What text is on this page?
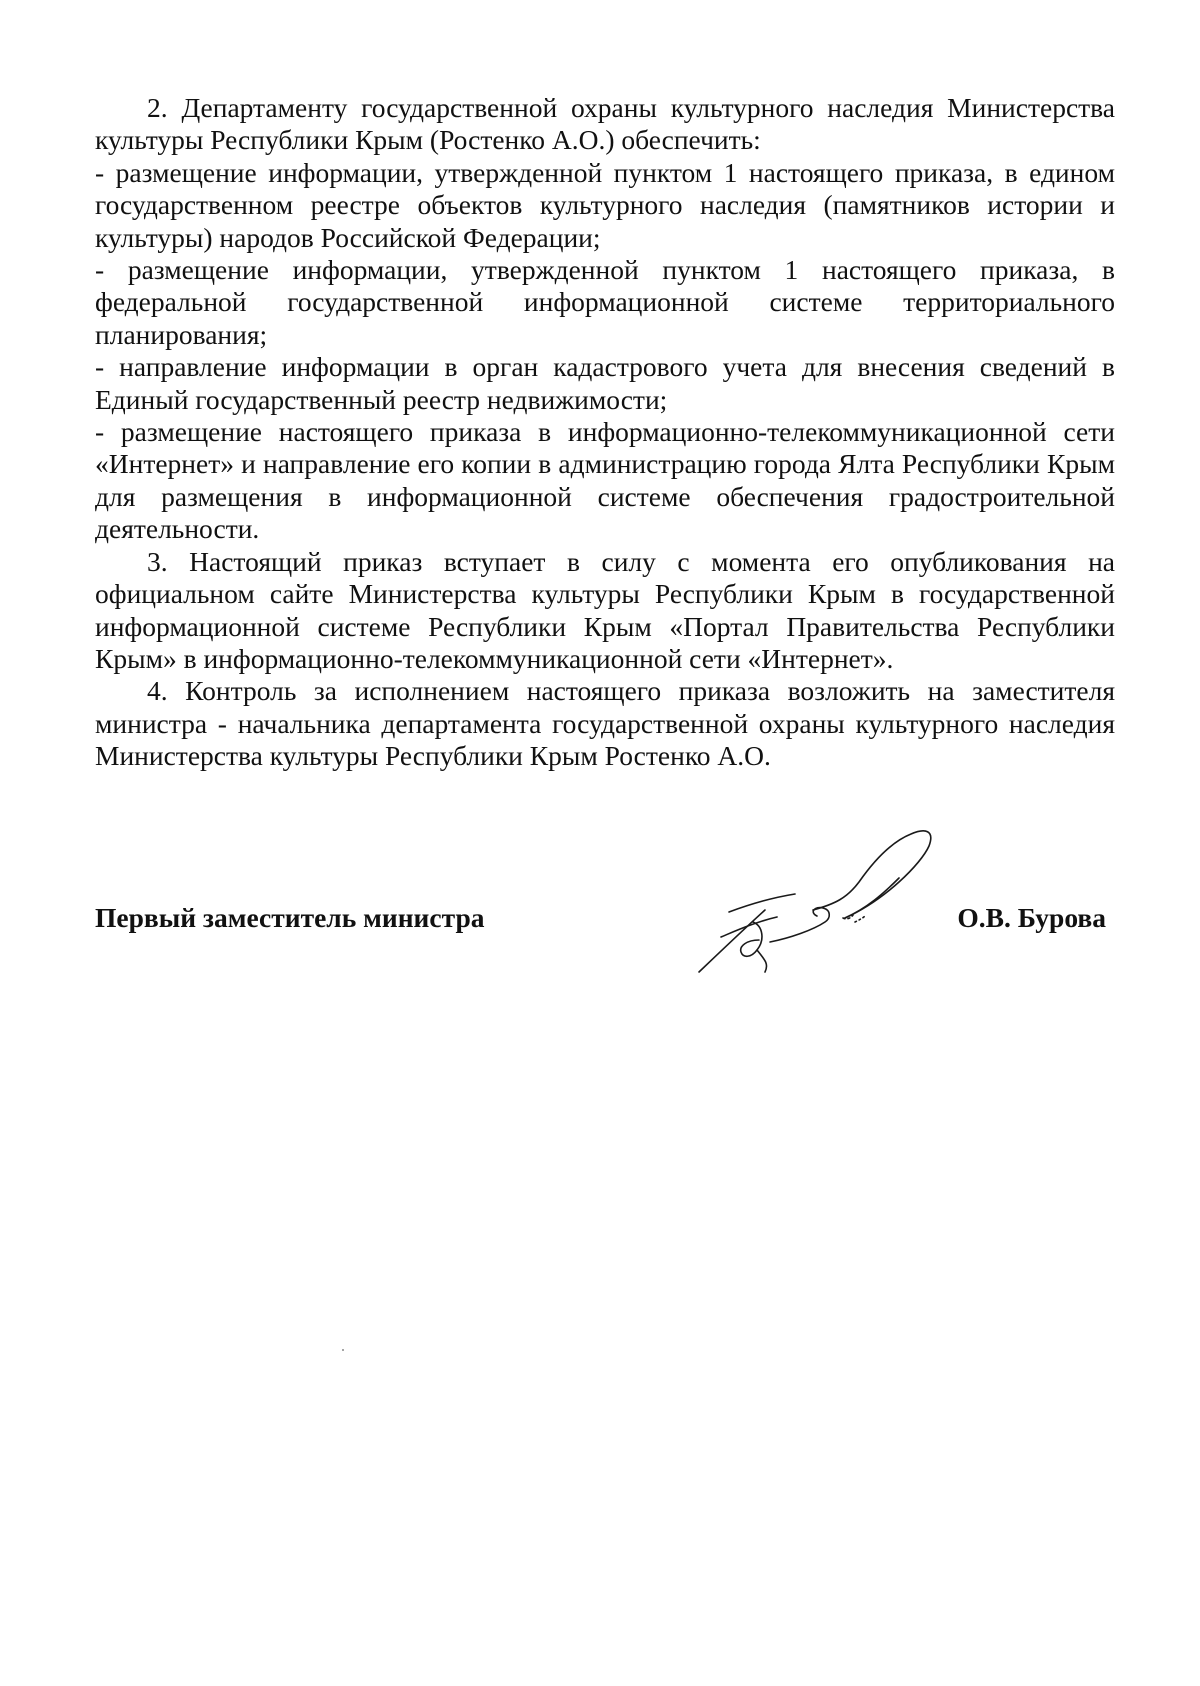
2. Департаменту государственной охраны культурного наследия Министерства культуры Республики Крым (Ростенко А.О.) обеспечить:

- размещение информации, утвержденной пунктом 1 настоящего приказа, в едином государственном реестре объектов культурного наследия (памятников истории и культуры) народов Российской Федерации;

- размещение информации, утвержденной пунктом 1 настоящего приказа, в федеральной государственной информационной системе территориального планирования;

- направление информации в орган кадастрового учета для внесения сведений в Единый государственный реестр недвижимости;

- размещение настоящего приказа в информационно-телекоммуникационной сети «Интернет» и направление его копии в администрацию города Ялта Республики Крым для размещения в информационной системе обеспечения градостроительной деятельности.

3. Настоящий приказ вступает в силу с момента его опубликования на официальном сайте Министерства культуры Республики Крым в государственной информационной системе Республики Крым «Портал Правительства Республики Крым» в информационно-телекоммуникационной сети «Интернет».

4. Контроль за исполнением настоящего приказа возложить на заместителя министра - начальника департамента государственной охраны культурного наследия Министерства культуры Республики Крым Ростенко А.О.

Первый заместитель министра	О.В. Бурова
